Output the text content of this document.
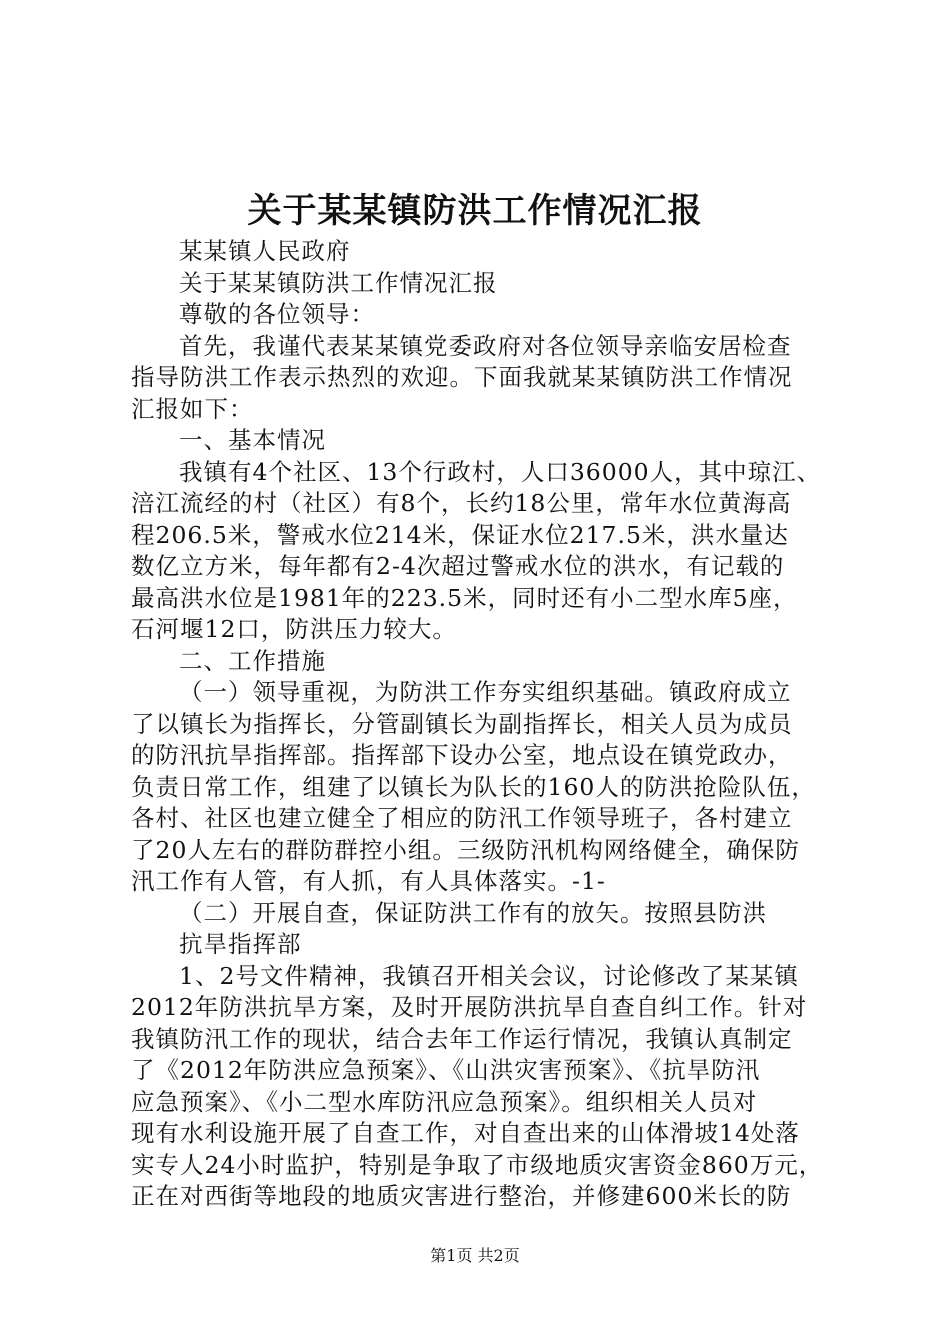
关于某某镇防洪工作情况汇报
某某镇人民政府
关于某某镇防洪工作情况汇报
尊敬的各位领导：
首先，我谨代表某某镇党委政府对各位领导亲临安居检查
指导防洪工作表示热烈的欢迎。下面我就某某镇防洪工作情况
汇报如下：
一、基本情况
我镇有4个社区、13个行政村，人口36000人，其中琼江、
涪江流经的村（社区）有8个，长约18公里，常年水位黄海高
程206.5米，警戒水位214米，保证水位217.5米，洪水量达
数亿立方米，每年都有2-4次超过警戒水位的洪水，有记载的
最高洪水位是1981年的223.5米，同时还有小二型水库5座，
石河堰12口，防洪压力较大。
二、工作措施
（一）领导重视，为防洪工作夯实组织基础。镇政府成立
了以镇长为指挥长，分管副镇长为副指挥长，相关人员为成员
的防汛抗旱指挥部。指挥部下设办公室，地点设在镇党政办，
负责日常工作，组建了以镇长为队长的160人的防洪抢险队伍，
各村、社区也建立健全了相应的防汛工作领导班子，各村建立
了20人左右的群防群控小组。三级防汛机构网络健全，确保防
汛工作有人管，有人抓，有人具体落实。-1-
（二）开展自查，保证防洪工作有的放矢。按照县防洪
抗旱指挥部
1、2号文件精神，我镇召开相关会议，讨论修改了某某镇
2012年防洪抗旱方案，及时开展防洪抗旱自查自纠工作。针对
我镇防汛工作的现状，结合去年工作运行情况，我镇认真制定
了《2012年防洪应急预案》、《山洪灾害预案》、《抗旱防汛
应急预案》、《小二型水库防汛应急预案》。组织相关人员对
现有水利设施开展了自查工作，对自查出来的山体滑坡14处落
实专人24小时监护，特别是争取了市级地质灾害资金860万元，
正在对西街等地段的地质灾害进行整治，并修建600米长的防
第1页 共2页
